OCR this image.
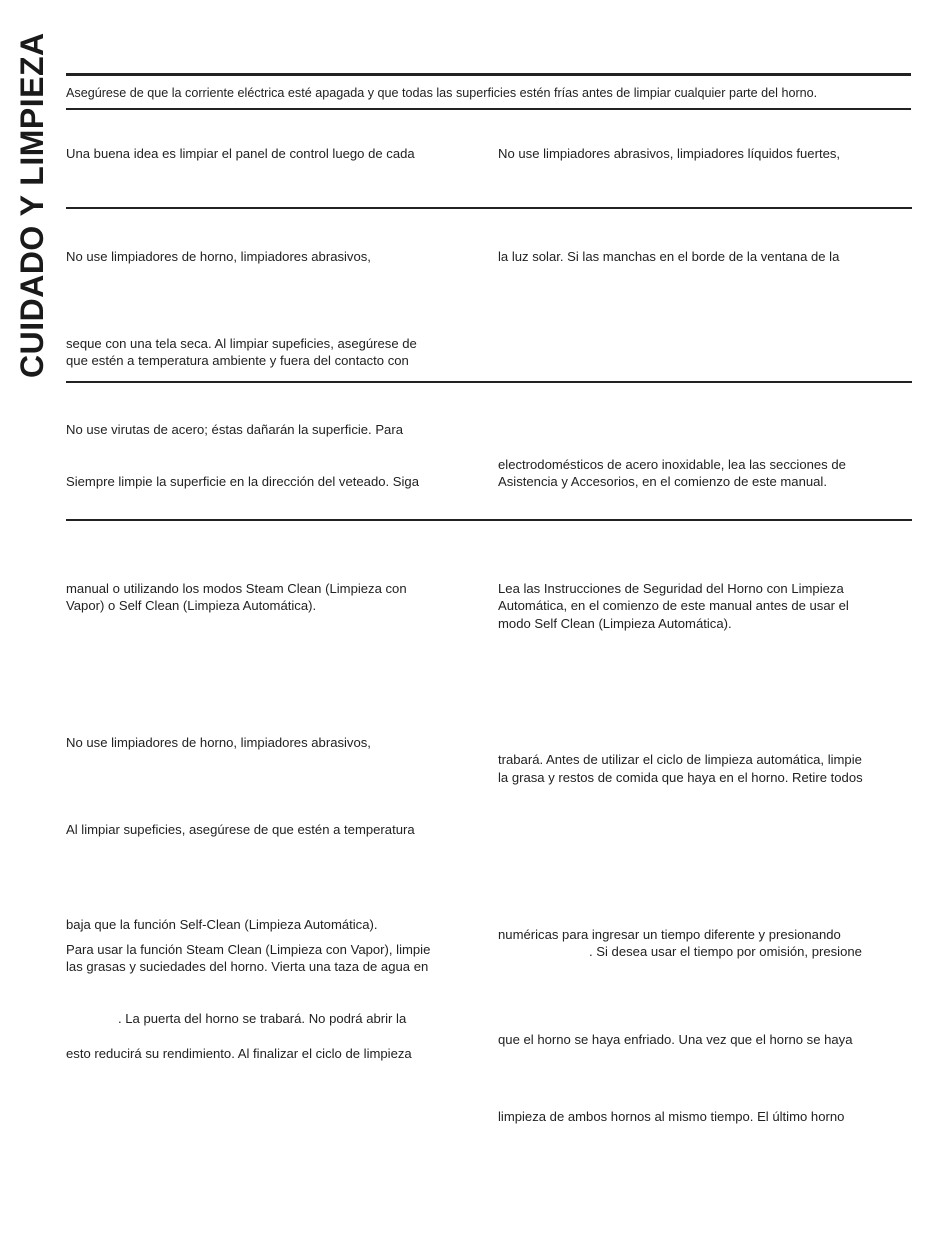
CUIDADO Y LIMPIEZA Asegúrese de que la corriente eléctrica esté apagada y que todas las superficies estén frías antes de limpiar cualquier parte del horno.

Una buena idea es limpiar el panel de control luego de cada	No use limpiadores abrasivos, limpiadores líquidos fuertes,

No use limpiadores de horno, limpiadores abrasivos,	la luz solar. Si las manchas en el borde de la ventana de la

seque con una tela seca. Al limpiar supeficies, asegúrese de

que estén a temperatura ambiente y fuera del contacto con

No use virutas de acero; éstas dañarán la superficie. Para

Siempre limpie la superficie en la dirección del veteado. Siga

electrodomésticos de acero inoxidable, lea las secciones de

Asistencia y Accesorios, en el comienzo de este manual.

manual o utilizando los modos Steam Clean (Limpieza con

Vapor) o Self Clean (Limpieza Automática).

Lea las Instrucciones de Seguridad del Horno con Limpieza

Automática, en el comienzo de este manual antes de usar el

modo Self Clean (Limpieza Automática).

No use limpiadores de horno, limpiadores abrasivos,

trabará. Antes de utilizar el ciclo de limpieza automática, limpie

la grasa y restos de comida que haya en el horno. Retire todos

Al limpiar supeficies, asegúrese de que estén a temperatura

baja que la función Self-Clean (Limpieza Automática).

Para usar la función Steam Clean (Limpieza con Vapor), limpie

las grasas y suciedades del horno. Vierta una taza de agua en

numéricas para ingresar un tiempo diferente y presionando

. Si desea usar el tiempo por omisión, presione

. La puerta del horno se trabará. No podrá abrir la

esto reducirá su rendimiento. Al finalizar el ciclo de limpieza

que el horno se haya enfriado. Una vez que el horno se haya

limpieza de ambos hornos al mismo tiempo. El último horno
